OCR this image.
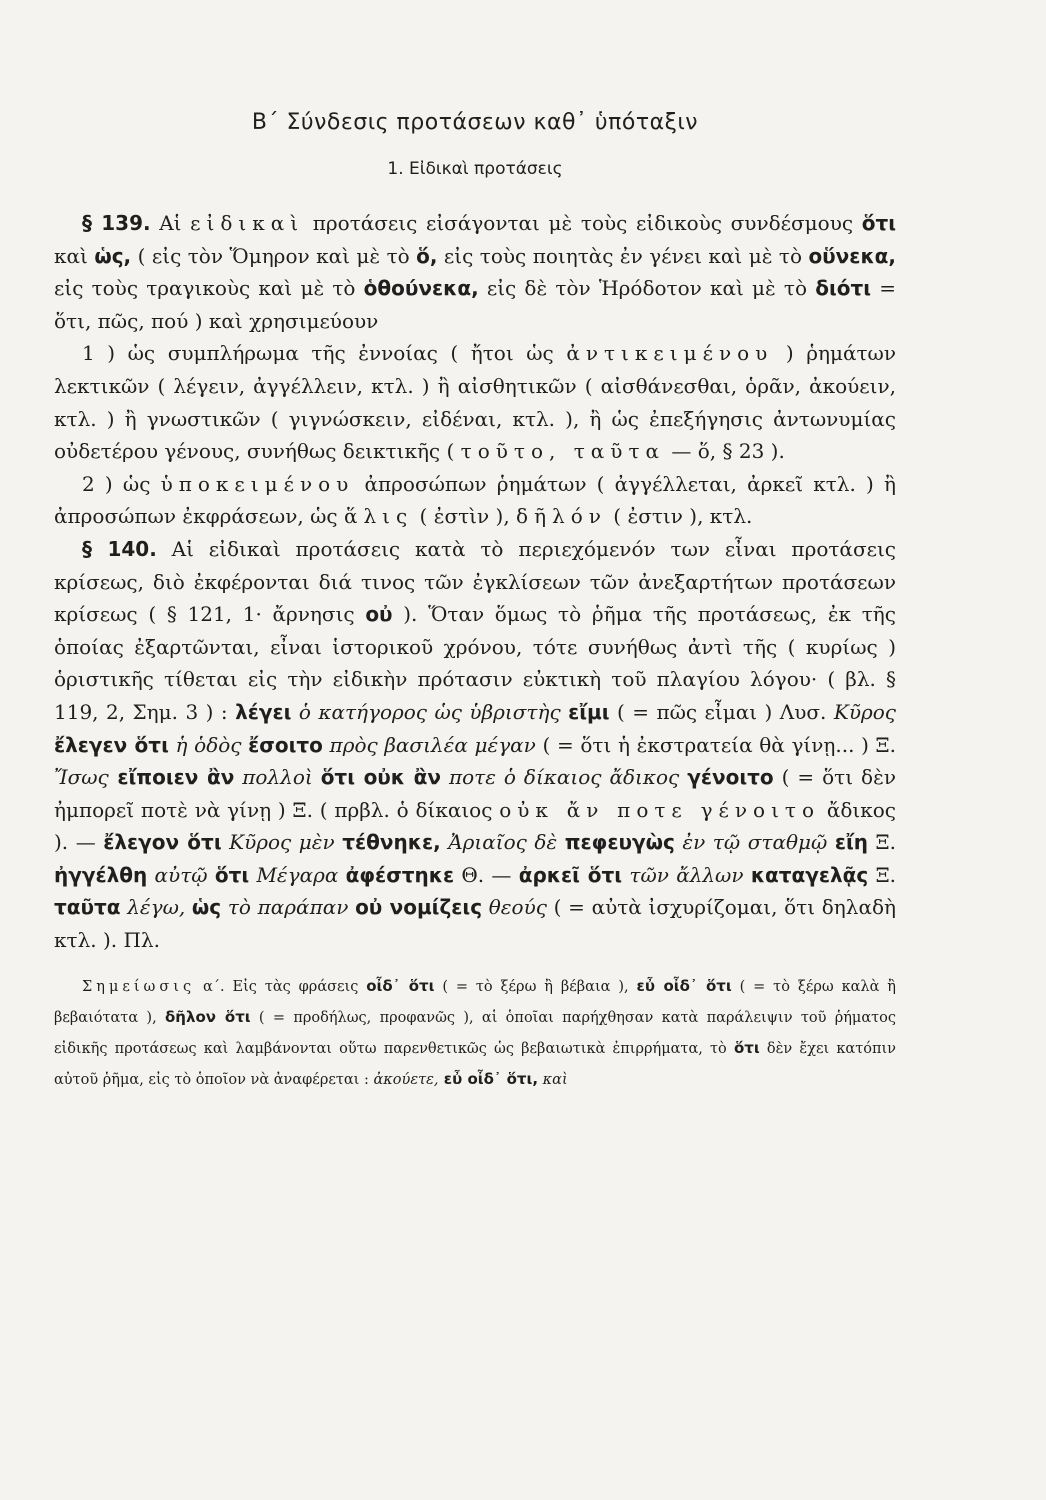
Β΄ Σύνδεσις προτάσεων καθ᾽ ὑπόταξιν
1. Εἰδικαὶ προτάσεις

§ 139. Αἱ εἰδικαὶ προτάσεις εἰσάγονται μὲ τοὺς εἰδικοὺς συνδέσμους ὅτι καὶ ὡς, ( εἰς τὸν Ὅμηρον καὶ μὲ τὸ ὅ, εἰς τοὺς ποιητὰς ἐν γένει καὶ μὲ τὸ οὕνεκα, εἰς τοὺς τραγικοὺς καὶ μὲ τὸ ὁθούνεκα, εἰς δὲ τὸν Ἡρόδοτον καὶ μὲ τὸ διότι = ὅτι, πῶς, πού ) καὶ χρησιμεύουν

1 ) ὡς συμπλήρωμα τῆς ἐννοίας ( ἤτοι ὡς ἀντικειμένου ) ῥημάτων λεκτικῶν ( λέγειν, ἀγγέλλειν, κτλ. ) ἢ αἰσθητικῶν ( αἰσθάνεσθαι, ὁρᾶν, ἀκούειν, κτλ. ) ἢ γνωστικῶν ( γιγνώσκειν, εἰδέναι, κτλ. ), ἢ ὡς ἐπεξήγησις ἀντωνυμίας οὐδετέρου γένους, συνήθως δεικτικῆς ( τοῦτο, ταῦτα — ὅ, § 23 ).

2 ) ὡς ὑποκειμένου ἀπροσώπων ῥημάτων ( ἀγγέλλεται, ἀρκεῖ κτλ. ) ἢ ἀπροσώπων ἐκφράσεων, ὡς ἅλις ( ἐστὶν ), δῆλόν ( ἐστιν ), κτλ.

§ 140. Αἱ εἰδικαὶ προτάσεις κατὰ τὸ περιεχόμενόν των εἶναι προτάσεις κρίσεως, διὸ ἐκφέρονται διά τινος τῶν ἐγκλίσεων τῶν ἀνεξαρτήτων προτάσεων κρίσεως ( § 121, 1· ἄρνησις οὐ ). Ὅταν ὅμως τὸ ῥῆμα τῆς προτάσεως, ἐκ τῆς ὁποίας ἐξαρτῶνται, εἶναι ἱστορικοῦ χρόνου, τότε συνήθως ἀντὶ τῆς ( κυρίως ) ὁριστικῆς τίθεται εἰς τὴν εἰδικὴν πρότασιν εὐκτικὴ τοῦ πλαγίου λόγου· ( βλ. § 119, 2, Σημ. 3 ) : λέγει ὁ κατήγορος ὡς ὑβριστὴς εἴμι ( = πῶς εἶμαι ) Λυσ. Κῦρος ἔλεγεν ὅτι ἡ ὁδὸς ἔσοιτο πρὸς βασιλέα μέγαν ( = ὅτι ἡ ἐκστρατεία θὰ γίνῃ... ) Ξ. Ἴσως εἴποιεν ἂν πολλοὶ ὅτι οὐκ ἂν ποτε ὁ δίκαιος ἄδικος γένοιτο ( = ὅτι δὲν ἠμπορεῖ ποτὲ νὰ γίνῃ ) Ξ. ( πρβλ. ὁ δίκαιος οὐκ ἄν ποτε γένοιτο ἄδικος ). — ἔλεγον ὅτι Κῦρος μὲν τέθνηκε, Ἀριαῖος δὲ πεφευγὼς ἐν τῷ σταθμῷ εἴη Ξ. ἠγγέλθη αὐτῷ ὅτι Μέγαρα ἀφέστηκε Θ. — ἀρκεῖ ὅτι τῶν ἄλλων καταγελᾷς Ξ. ταῦτα λέγω, ὡς τὸ παράπαν οὐ νομίζεις θεούς ( = αὐτὰ ἰσχυρίζομαι, ὅτι δηλαδὴ κτλ. ). Πλ.

Σημείωσις α΄. Εἰς τὰς φράσεις οἶδ᾽ ὅτι ( = τὸ ξέρω ἢ βέβαια ), εὖ οἶδ᾽ ὅτι ( = τὸ ξέρω καλὰ ἢ βεβαιότατα ), δῆλον ὅτι ( = προδήλως, προφανῶς ), αἱ ὁποῖαι παρήχθησαν κατὰ παράλειψιν τοῦ ῥήματος εἰδικῆς προτάσεως καὶ λαμβάνονται οὕτω παρενθετικῶς ὡς βεβαιωτικὰ ἐπιρρήματα, τὸ ὅτι δὲν ἔχει κατόπιν αὐτοῦ ῥῆμα, εἰς τὸ ὁποῖον νὰ ἀναφέρεται : ἀκούετε, εὖ οἶδ᾽ ὅτι, καὶ
